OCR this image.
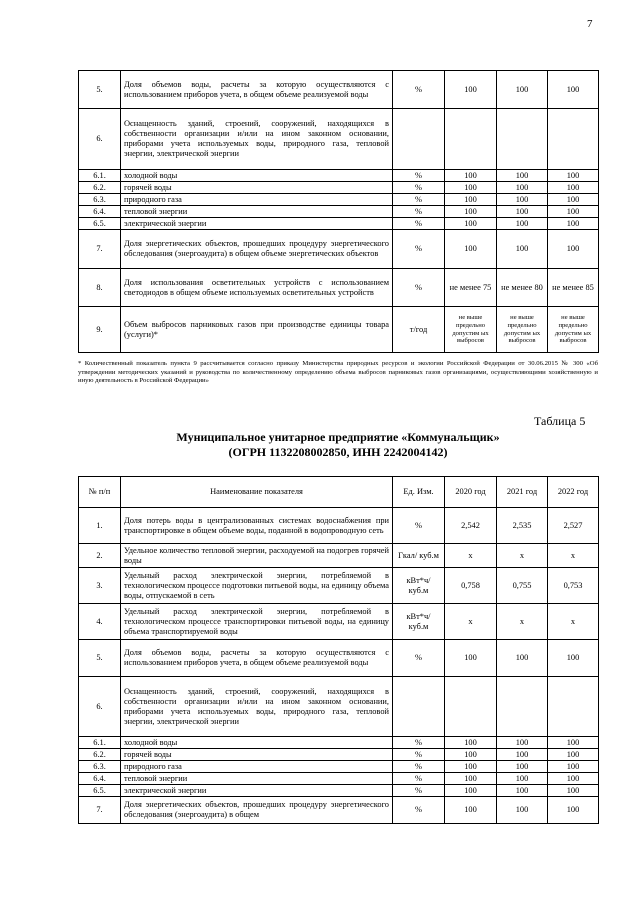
7
5.	Доля объемов воды, расчеты за которую осуществляются с использованием приборов учета, в общем объеме реализуемой воды	%	100	100	100
6.	Оснащенность зданий, строений, сооружений, находящихся в собственности организации и/или на ином законном основании, приборами учета используемых воды, природного газа, тепловой энергии, электрической энергии				
6.1.	холодной воды	%	100	100	100
6.2.	горячей воды	%	100	100	100
6.3.	природного газа	%	100	100	100
6.4.	тепловой энергии	%	100	100	100
6.5.	электрической энергии	%	100	100	100
7.	Доля энергетических объектов, прошедших процедуру энергетического обследования (энергоаудита) в общем объеме энергетических объектов	%	100	100	100
8.	Доля использования осветительных устройств с использованием светодиодов в общем объеме используемых осветительных устройств	%	не менее 75	не менее 80	не менее 85
9.	Объем выбросов парниковых газов при производстве единицы товара (услуги)*	т/год	не выше предельно допустим ых выбросов	не выше предельно допустим ых выбросов	не выше предельно допустим ых выбросов
* Количественный показатель пункта 9 рассчитывается согласно приказу Министерства природных ресурсов и экологии Российской Федерации от 30.06.2015 № 300 «Об утверждении методических указаний и руководства по количественному определению объема выбросов парниковых газов организациями, осуществляющими хозяйственную и иную деятельность в Российской Федерации»
Таблица 5
Муниципальное унитарное предприятие «Коммунальщик»
(ОГРН 1132208002850, ИНН 2242004142)
№ п/п	Наименование показателя	Ед. Изм.	2020 год	2021 год	2022 год
1.	Доля потерь воды в централизованных системах водоснабжения при транспортировке в общем объеме воды, поданной в водопроводную сеть	%	2,542	2,535	2,527
2.	Удельное количество тепловой энергии, расходуемой на подогрев горячей воды	Гкал/ куб.м	x	x	x
3.	Удельный расход электрической энергии, потребляемой в технологическом процессе подготовки питьевой воды, на единицу объема воды, отпускаемой в сеть	кВт*ч/ куб.м	0,758	0,755	0,753
4.	Удельный расход электрической энергии, потребляемой в технологическом процессе транспортировки питьевой воды, на единицу объема транспортируемой воды	кВт*ч/ куб.м	x	x	x
5.	Доля объемов воды, расчеты за которую осуществляются с использованием приборов учета, в общем объеме реализуемой воды	%	100	100	100
6.	Оснащенность зданий, строений, сооружений, находящихся в собственности организации и/или на ином законном основании, приборами учета используемых воды, природного газа, тепловой энергии, электрической энергии				
6.1.	холодной воды	%	100	100	100
6.2.	горячей воды	%	100	100	100
6.3.	природного газа	%	100	100	100
6.4.	тепловой энергии	%	100	100	100
6.5.	электрической энергии	%	100	100	100
7.	Доля энергетических объектов, прошедших процедуру энергетического обследования (энергоаудита) в общем	%	100	100	100
